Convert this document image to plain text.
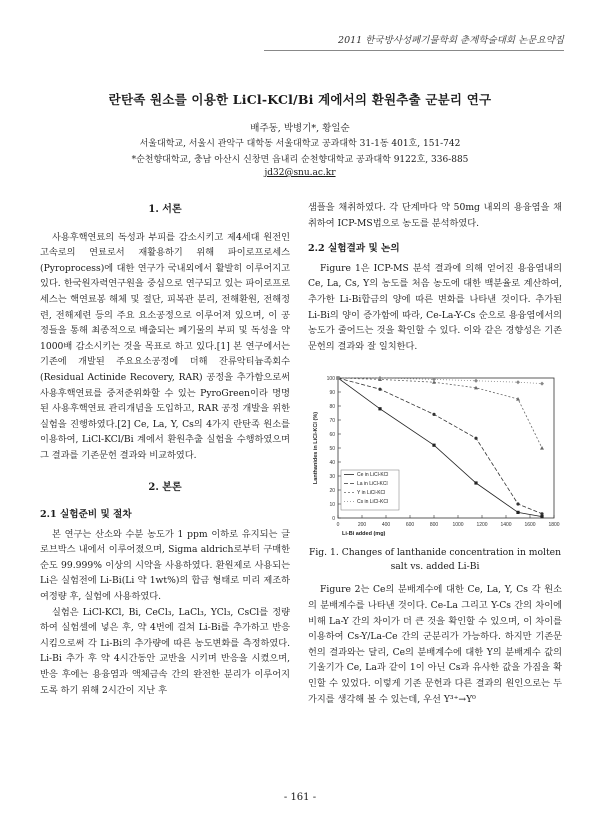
2011 한국방사성폐기물학회 춘계학술대회 논문요약집
란탄족 원소를 이용한 LiCl-KCl/Bi 계에서의 환원추출 군분리 연구
배주동, 박병기*, 황일순
서울대학교, 서울시 관악구 대학동 서울대학교 공과대학 31-1동 401호, 151-742
*순천향대학교, 충남 아산시 신창면 읍내리 순천향대학교 공과대학 9122호, 336-885
jd32@snu.ac.kr
1. 서론

사용후핵연료의 독성과 부피를 감소시키고 제4세대 원전인 고속로의 연료로서 재활용하기 위해 파이로프로세스(Pyroprocess)에 대한 연구가 국내외에서 활발히 이루어지고 있다. 한국원자력연구원을 중심으로 연구되고 있는 파이로프로세스는 핵연료봉 해체 및 절단, 피복관 분리, 전해환원, 전해정련, 전해제련 등의 주요 요소공정으로 이루어져 있으며, 이 공정들을 통해 최종적으로 배출되는 폐기물의 부피 및 독성을 약 1000배 감소시키는 것을 목표로 하고 있다.[1] 본 연구에서는 기존에 개발된 주요요소공정에 더해 잔류악티늄족회수(Residual Actinide Recovery, RAR) 공정을 추가함으로써 사용후핵연료를 중저준위화할 수 있는 PyroGreen이라 명명된 사용후핵연료 관리개념을 도입하고, RAR 공정 개발을 위한 실험을 진행하였다.[2] Ce, La, Y, Cs의 4가지 란탄족 원소를 이용하여, LiCl-KCl/Bi 계에서 환원추출 실험을 수행하였으며 그 결과를 기존문헌 결과와 비교하였다.

2. 본론
2.1 실험준비 및 절차

본 연구는 산소와 수분 농도가 1 ppm 이하로 유지되는 글로브박스 내에서 이루어졌으며, Sigma aldrich로부터 구매한 순도 99.999% 이상의 시약을 사용하였다. 환원제로 사용되는 Li은 실험전에 Li-Bi(Li 약 1wt%)의 합금 형태로 미리 제조하여정량 후, 실험에 사용하였다.

실험은 LiCl-KCl, Bi, CeCl₃, LaCl₃, YCl₃, CsCl를 정량하여 실험셀에 넣은 후, 약 4번에 걸쳐 Li-Bi를 추가하고 반응시킴으로써 각 Li-Bi의 추가량에 따른 농도변화를 측정하였다. Li-Bi 추가 후 약 4시간동안 교반을 시키며 반응을 시켰으며, 반응 후에는 용융염과 액체금속 간의 완전한 분리가 이루어지도록 하기 위해 2시간이 지난 후

샘플을 채취하였다. 각 단계마다 약 50mg 내외의 용융염을 채취하여 ICP-MS법으로 농도를 분석하였다.

2.2 실험결과 및 논의

Figure 1은 ICP-MS 분석 결과에 의해 얻어진 용융염내의 Ce, La, Cs, Y의 농도를 처음 농도에 대한 백분율로 계산하여, 추가한 Li-Bi합금의 양에 따른 변화를 나타낸 것이다. 추가된 Li-Bi의 양이 증가함에 따라, Ce-La-Y-Cs 순으로 용융염에서의 농도가 줄어드는 것을 확인할 수 있다. 이와 같은 경향성은 기존 문헌의 결과와 잘 일치한다.

0	200	400	600	800	1000	1200	1400	1600	1800
0
10
20
30
40
50
60
70
80
90
100
Li-Bi added (mg)
Lanthanides in LiCl-KCl (%)	Ce in LiCl-KCl
La in LiCl-KCl
Y in LiCl-KCl
Cs in LiCl-KCl
Fig. 1. Changes of lanthanide concentration in molten salt vs. added Li-Bi

Figure 2는 Ce의 분배계수에 대한 Ce, La, Y, Cs 각 원소의 분배계수를 나타낸 것이다. Ce-La 그리고 Y-Cs 간의 차이에 비해 La-Y 간의 차이가 더 큰 것을 확인할 수 있으며, 이 차이를 이용하여 Cs-Y/La-Ce 간의 군분리가 가능하다. 하지만 기존문헌의 결과와는 달리, Ce의 분배계수에 대한 Y의 분배계수 값의 기울기가 Ce, La과 같이 1이 아닌 Cs과 유사한 값을 가짐을 확인할 수 있었다. 이렇게 기존 문헌과 다른 결과의 원인으로는 두가지를 생각해 볼 수 있는데, 우선 Y³⁺→Y⁰

- 161 -
